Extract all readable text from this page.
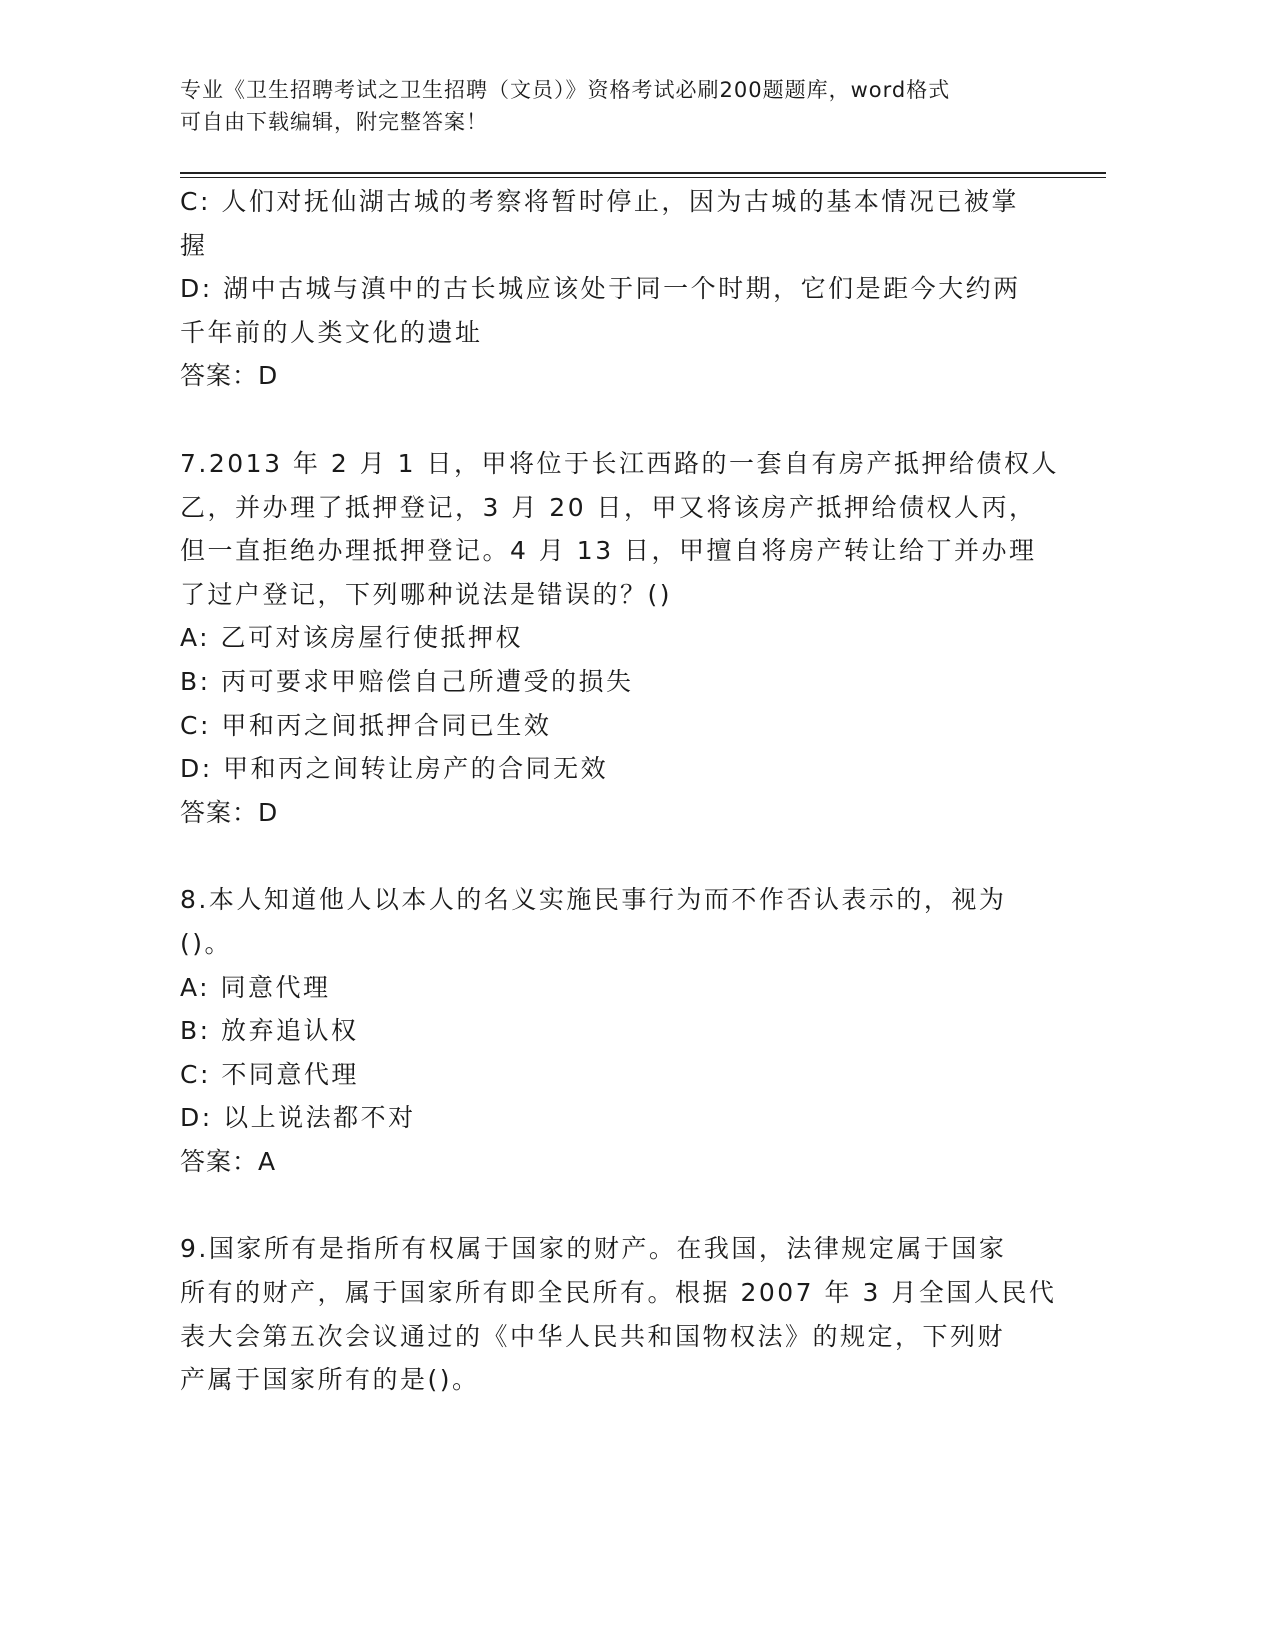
专业《卫生招聘考试之卫生招聘（文员）》资格考试必刷200题题库，word格式

可自由下载编辑，附完整答案！

C: 人们对抚仙湖古城的考察将暂时停止，因为古城的基本情况已被掌

握

D: 湖中古城与滇中的古长城应该处于同一个时期，它们是距今大约两

千年前的人类文化的遗址

答案：D

7.2013 年 2 月 1 日，甲将位于长江西路的一套自有房产抵押给债权人

乙，并办理了抵押登记，3 月 20 日，甲又将该房产抵押给债权人丙，

但一直拒绝办理抵押登记。4 月 13 日，甲擅自将房产转让给丁并办理

了过户登记，下列哪种说法是错误的？()

A: 乙可对该房屋行使抵押权

B: 丙可要求甲赔偿自己所遭受的损失

C: 甲和丙之间抵押合同已生效

D: 甲和丙之间转让房产的合同无效

答案：D

8.本人知道他人以本人的名义实施民事行为而不作否认表示的，视为

()。

A: 同意代理

B: 放弃追认权

C: 不同意代理

D: 以上说法都不对

答案：A

9.国家所有是指所有权属于国家的财产。在我国，法律规定属于国家

所有的财产，属于国家所有即全民所有。根据 2007 年 3 月全国人民代

表大会第五次会议通过的《中华人民共和国物权法》的规定，下列财

产属于国家所有的是()。
